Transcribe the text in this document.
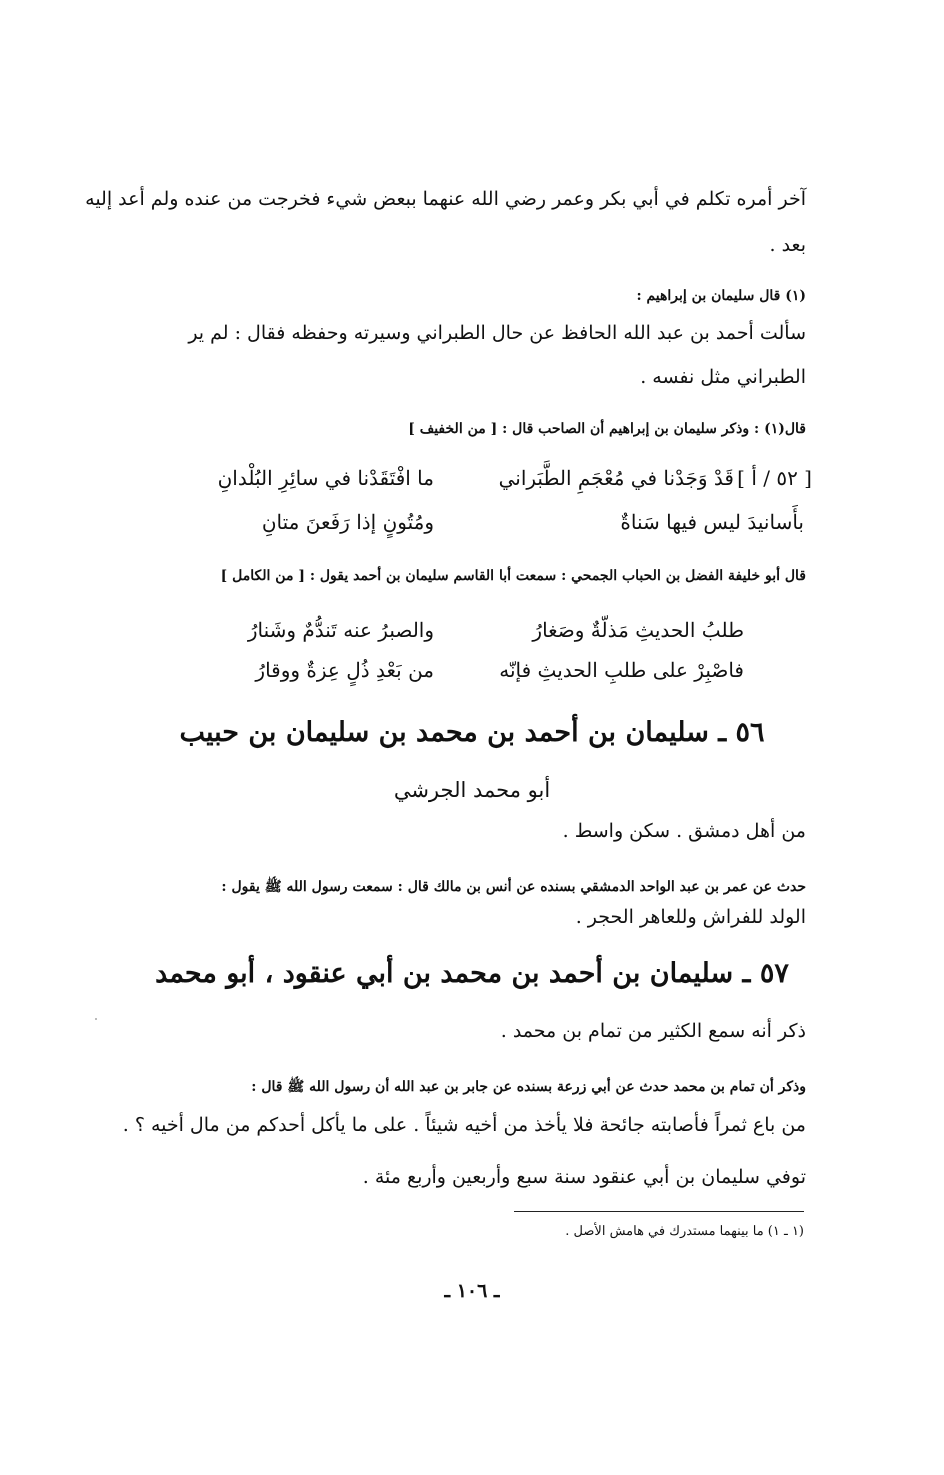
آخر أمره تكلم في أبي بكر وعمر رضي الله عنهما ببعض شيء فخرجت من عنده ولم أعد إليه
بعد .
(١) قال سليمان بن إبراهيم :
سألت أحمد بن عبد الله الحافظ عن حال الطبراني وسيرته وحفظه فقال : لم ير
الطبراني مثل نفسه .
قال(١) : وذكر سليمان بن إبراهيم أن الصاحب قال : [ من الخفيف ]
[ ٥٢ / أ ]
قَدْ وَجَدْنا في مُعْجَمِ الطَّبَراني
ما افْتَقَدْنا في سائِرِ البُلْدانِ
بأَسانيدَ ليس فيها سَناةٌ
ومُتُونٍ إذا رَفَعنَ متانِ
قال أبو خليفة الفضل بن الحباب الجمحي : سمعت أبا القاسم سليمان بن أحمد يقول : [ من الكامل ]
طلبُ الحديثِ مَذلّةٌ وصَغارُ
والصبرُ عنه تَندُّمٌ وشَنارُ
فاصْبِرْ على طلبِ الحديثِ فإنّه
من بَعْدِ ذُلٍ عِزةٌ ووقارُ
٥٦ ـ سليمان بن أحمد بن محمد بن سليمان بن حبيب
أبو محمد الجرشي
من أهل دمشق . سكن واسط .
حدث عن عمر بن عبد الواحد الدمشقي بسنده عن أنس بن مالك قال : سمعت رسول الله ﷺ يقول :
الولد للفراش وللعاهر الحجر .
٥٧ ـ سليمان بن أحمد بن محمد بن أبي عنقود ، أبو محمد
ذكر أنه سمع الكثير من تمام بن محمد .
وذكر أن تمام بن محمد حدث عن أبي زرعة بسنده عن جابر بن عبد الله أن رسول الله ﷺ قال :
من باع ثمراً فأصابته جائحة فلا يأخذ من أخيه شيئاً . على ما يأكل أحدكم من مال أخيه ؟ .
توفي سليمان بن أبي عنقود سنة سبع وأربعين وأربع مئة .
(١ ـ ١) ما بينهما مستدرك في هامش الأصل .
ـ ١٠٦ ـ
